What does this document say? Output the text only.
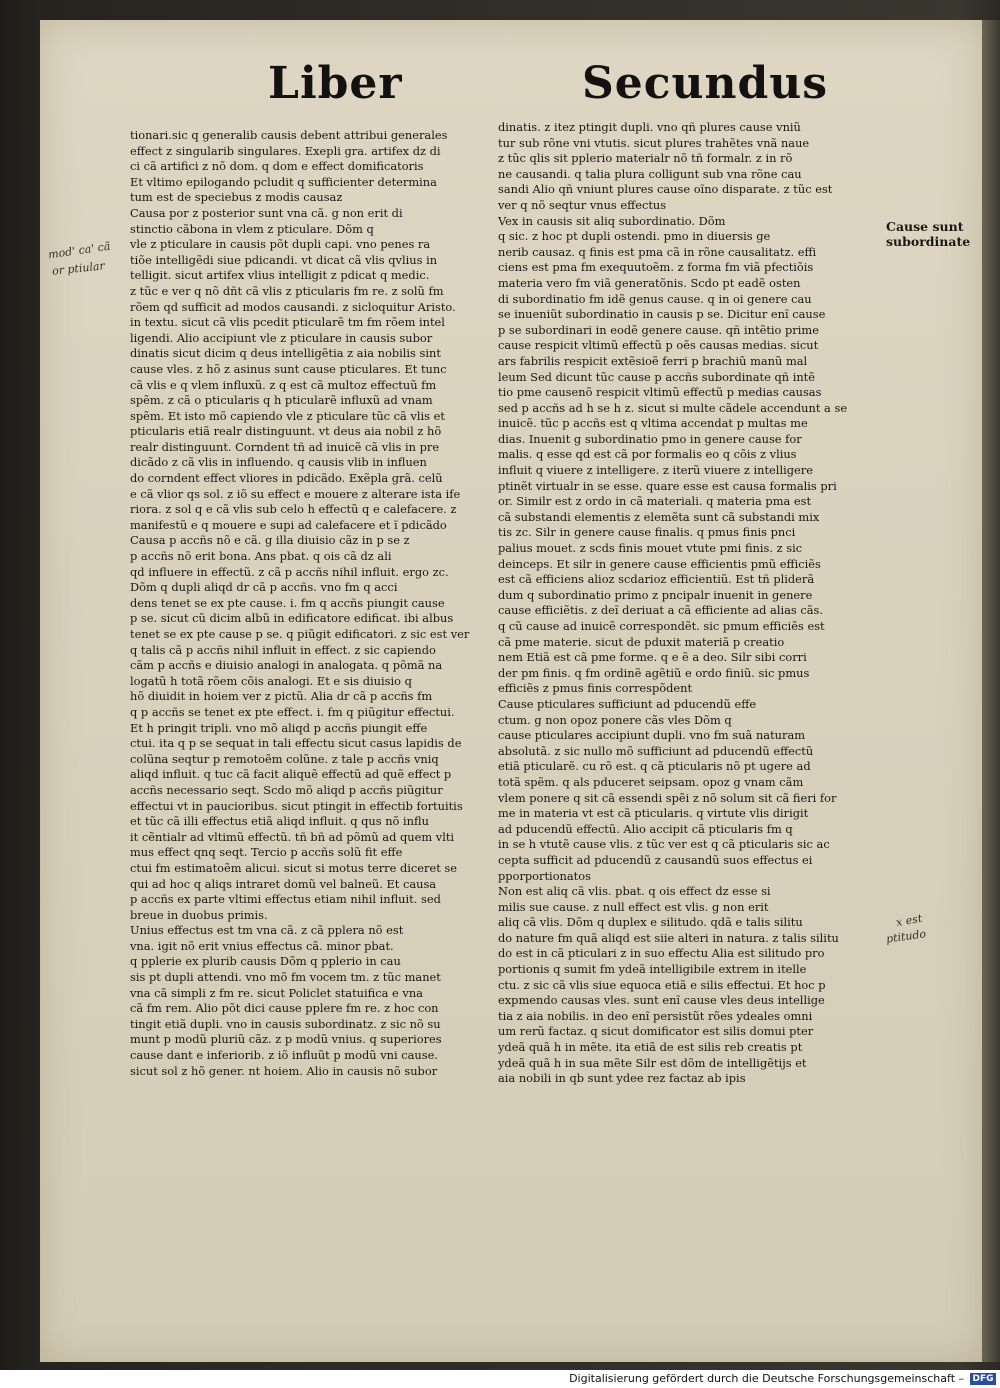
Liber	Secundus
tionari.sic q generalib causis debent attribui generales
effect z singularib singulares. Exepli gra. artifex dz di
ci cã artifici z nõ dom. q dom e effect domificatoris
Et vltimo epilogando pcludit q sufficienter determina
tum est de speciebus z modis causaz
Causa por z posterior sunt vna cã. g non erit di
stinctio cãbona in vlem z pticulare. Dõm q
vle z pticulare in causis põt dupli capi. vno penes ra
tiõe intelligẽdi siue pdicandi. vt dicat cã vlis qvlius in
telligit. sicut artifex vlius intelligit z pdicat q medic.
z tũc e ver q nõ dñt cã vlis z pticularis fm re. z solũ fm
rõem qd sufficit ad modos causandi. z sicloquitur Aristo.
in textu. sicut cã vlis pcedit pticularẽ tm fm rõem intel
ligendi. Alio accipiunt vle z pticulare in causis subor
dinatis sicut dicim q deus intelligẽtia z aia nobilis sint
cause vles. z hõ z asinus sunt cause pticulares. Et tunc
cã vlis e q vlem influxũ. z q est cã multoz effectuũ fm
spẽm. z cã o pticularis q h pticularẽ influxũ ad vnam
spẽm. Et isto mõ capiendo vle z pticulare tũc cã vlis et
pticularis etiã realr distinguunt. vt deus aia nobil z hõ
realr distinguunt. Corndent tñ ad inuicẽ cã vlis in pre
dicãdo z cã vlis in influendo. q causis vlib in influen
do corndent effect vliores in pdicãdo. Exẽpla grã. celũ
e cã vlior qs sol. z iõ su effect e mouere z alterare ista ife
riora. z sol q e cã vlis sub celo h effectũ q e calefacere. z
manifestũ e q mouere e supi ad calefacere et ĩ pdicãdo
Causa p accñs nõ e cã. g illa diuisio cãz in p se z
p accñs nõ erit bona. Ans pbat. q ois cã dz ali
qd influere in effectũ. z cã p accñs nihil influit. ergo zc.
Dõm q dupli aliqd dr cã p accñs. vno fm q acci
dens tenet se ex pte cause. i. fm q accñs piungit cause
p se. sicut cũ dicim albũ in edificatore edificat. ibi albus
tenet se ex pte cause p se. q piũgit edificatori. z sic est ver
q talis cã p accñs nihil influit in effect. z sic capiendo
cãm p accñs e diuisio analogi in analogata. q põmã na
logatũ h totã rõem cõis analogi. Et e sis diuisio q
hõ diuidit in hoiem ver z pictũ. Alia dr cã p accñs fm
q p accñs se tenet ex pte effect. i. fm q piũgitur effectui.
Et h pringit tripli. vno mõ aliqd p accñs piungit effe
ctui. ita q p se sequat in tali effectu sicut casus lapidis de
colũna seqtur p remotoẽm colũne. z tale p accñs vniq
aliqd influit. q tuc cã facit aliquẽ effectũ ad quẽ effect p
accñs necessario seqt. Scdo mõ aliqd p accñs piũgitur
effectui vt in paucioribus. sicut ptingit in effectib fortuitis
et tũc cã illi effectus etiã aliqd influit. q qus nõ influ
it cẽntialr ad vltimũ effectũ. tñ bñ ad põmũ ad quem vlti
mus effect qnq seqt. Tercio p accñs solũ fit effe
ctui fm estimatoẽm alicui. sicut si motus terre diceret se
qui ad hoc q aliqs intraret domũ vel balneũ. Et causa
p accñs ex parte vltimi effectus etiam nihil influit. sed
breue in duobus primis.
Unius effectus est tm vna cã. z cã pplera nõ est
vna. igit nõ erit vnius effectus cã. minor pbat.
q pplerie ex plurib causis Dõm q pplerio in cau
sis pt dupli attendi. vno mõ fm vocem tm. z tũc manet
vna cã simpli z fm re. sicut Policlet statuifica e vna
cã fm rem. Alio põt dici cause pplere fm re. z hoc con
tingit etiã dupli. vno in causis subordinatz. z sic nõ su
munt p modũ pluriũ cãz. z p modũ vnius. q superiores
cause dant e inferiorib. z iõ influũt p modũ vni cause.
sicut sol z hõ gener. nt hoiem. Alio in causis nõ subor
dinatis. z itez ptingit dupli. vno qñ plures cause vniũ
tur sub rõne vni vtutis. sicut plures trahẽtes vnã naue
z tũc qlis sit pplerio materialr nõ tñ formalr. z in rõ
ne causandi. q talia plura colligunt sub vna rõne cau
sandi Alio qñ vniunt plures cause oĩno disparate. z tũc est
ver q nõ seqtur vnus effectus
Vex in causis sit aliq subordinatio. Dõm
q sic. z hoc pt dupli ostendi. pmo in diuersis ge
nerib causaz. q finis est pma cã in rõne causalitatz. effi
ciens est pma fm exequutoẽm. z forma fm viã pfectiõis
materia vero fm viã generatõnis. Scdo pt eadẽ osten
di subordinatio fm idẽ genus cause. q in oi genere cau
se inueniũt subordinatio in causis p se. Dicitur enĩ cause
p se subordinari in eodẽ genere cause. qñ intẽtio prime
cause respicit vltimũ effectũ p oẽs causas medias. sicut
ars fabrilis respicit extẽsioẽ ferri p brachiũ manũ mal
leum Sed dicunt tũc cause p accñs subordinate qñ intẽ
tio pme causenõ respicit vltimũ effectũ p medias causas
sed p accñs ad h se h z. sicut si multe cãdele accendunt a se
inuicẽ. tũc p accñs est q vltima accendat p multas me
dias. Inuenit g subordinatio pmo in genere cause for
malis. q esse qd est cã por formalis eo q cõis z vlius
influit q viuere z intelligere. z iterũ viuere z intelligere
ptinẽt virtualr in se esse. quare esse est causa formalis pri
or. Similr est z ordo in cã materiali. q materia pma est
cã substandi elementis z elemẽta sunt cã substandi mix
tis zc. Silr in genere cause finalis. q pmus finis pnci
palius mouet. z scds finis mouet vtute pmi finis. z sic
deinceps. Et silr in genere cause efficientis pmũ efficiẽs
est cã efficiens alioz scdarioz efficientiũ. Est tñ pliderã
dum q subordinatio primo z pncipalr inuenit in genere
cause efficiẽtis. z deĩ deriuat a cã efficiente ad alias cãs.
q cũ cause ad inuicẽ correspondẽt. sic pmum efficiẽs est
cã pme materie. sicut de pduxit materiã p creatio
nem Etiã est cã pme forme. q e ẽ a deo. Silr sibi corri
der pm finis. q fm ordinẽ agẽtiũ e ordo finiũ. sic pmus
efficiẽs z pmus finis correspõdent
Cause pticulares sufficiunt ad pducendũ effe
ctum. g non opoz ponere cãs vles Dõm q
cause pticulares accipiunt dupli. vno fm suã naturam
absolutã. z sic nullo mõ sufficiunt ad pducendũ effectũ
etiã pticularẽ. cu rõ est. q cã pticularis nõ pt ugere ad
totã spẽm. q als pduceret seipsam. opoz g vnam cãm
vlem ponere q sit cã essendi spẽi z nõ solum sit cã fieri for
me in materia vt est cã pticularis. q virtute vlis dirigit
ad pducendũ effectũ. Alio accipit cã pticularis fm q
in se h vtutẽ cause vlis. z tũc ver est q cã pticularis sic ac
cepta sufficit ad pducendũ z causandũ suos effectus ei
pporportionatos
Non est aliq cã vlis. pbat. q ois effect dz esse si
milis sue cause. z null effect est vlis. g non erit
aliq cã vlis. Dõm q duplex e silitudo. qdã e talis silitu
do nature fm quã aliqd est siie alteri in natura. z talis silitu
do est in cã pticulari z in suo effectu Alia est silitudo pro
portionis q sumit fm ydeã intelligibile extrem in itelle
ctu. z sic cã vlis siue equoca etiã e silis effectui. Et hoc p
expmendo causas vles. sunt enĩ cause vles deus intellige
tia z aia nobilis. in deo enĩ persistũt rões ydeales omni
um rerũ factaz. q sicut domificator est silis domui pter
ydeã quã h in mẽte. ita etiã de est silis reb creatis pt
ydeã quã h in sua mẽte Silr est dõm de intelligẽtijs et
aia nobili in qb sunt ydee rez factaz ab ipis
Cause sunt
subordinate
mod' ca' cã
or ptiular
x est
ptitudo
Digitalisierung gefördert durch die Deutsche Forschungsgemeinschaft – DFG
